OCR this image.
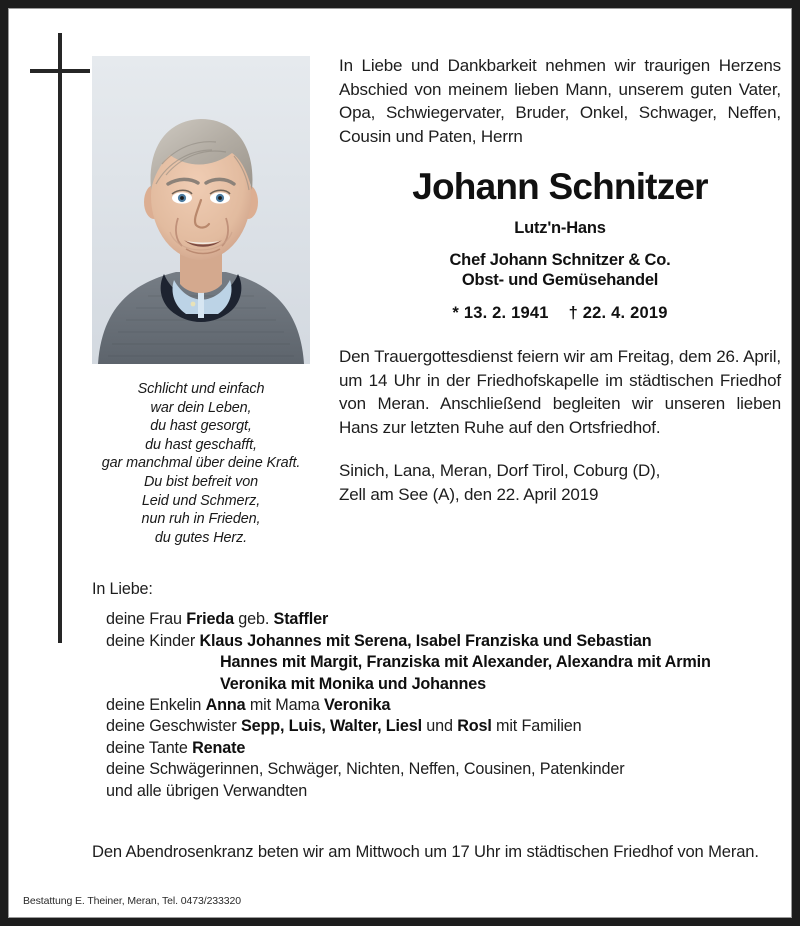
Schlicht und einfach
war dein Leben,
du hast gesorgt,
du hast geschafft,
gar manchmal über deine Kraft.
Du bist befreit von
Leid und Schmerz,
nun ruh in Frieden,
du gutes Herz.
In Liebe und Dankbarkeit nehmen wir traurigen Herzens Abschied von meinem lieben Mann, unserem guten Vater, Opa, Schwiegervater, Bruder, Onkel, Schwager, Neffen, Cousin und Paten, Herrn
Johann Schnitzer
Lutz'n-Hans
Chef Johann Schnitzer & Co.
Obst- und Gemüsehandel
* 13. 2. 1941 † 22. 4. 2019
Den Trauergottesdienst feiern wir am Freitag, dem 26. April, um 14 Uhr in der Friedhofskapelle im städtischen Friedhof von Meran. Anschließend begleiten wir unseren lieben Hans zur letzten Ruhe auf den Ortsfriedhof.
Sinich, Lana, Meran, Dorf Tirol, Coburg (D),
Zell am See (A), den 22. April 2019
In Liebe:
deine Frau Frieda geb. Staffler
deine Kinder Klaus Johannes mit Serena, Isabel Franziska und Sebastian
Hannes mit Margit, Franziska mit Alexander, Alexandra mit Armin
Veronika mit Monika und Johannes
deine Enkelin Anna mit Mama Veronika
deine Geschwister Sepp, Luis, Walter, Liesl und Rosl mit Familien
deine Tante Renate
deine Schwägerinnen, Schwäger, Nichten, Neffen, Cousinen, Patenkinder
und alle übrigen Verwandten
Den Abendrosenkranz beten wir am Mittwoch um 17 Uhr im städtischen Friedhof von Meran.
Bestattung E. Theiner, Meran, Tel. 0473/233320
